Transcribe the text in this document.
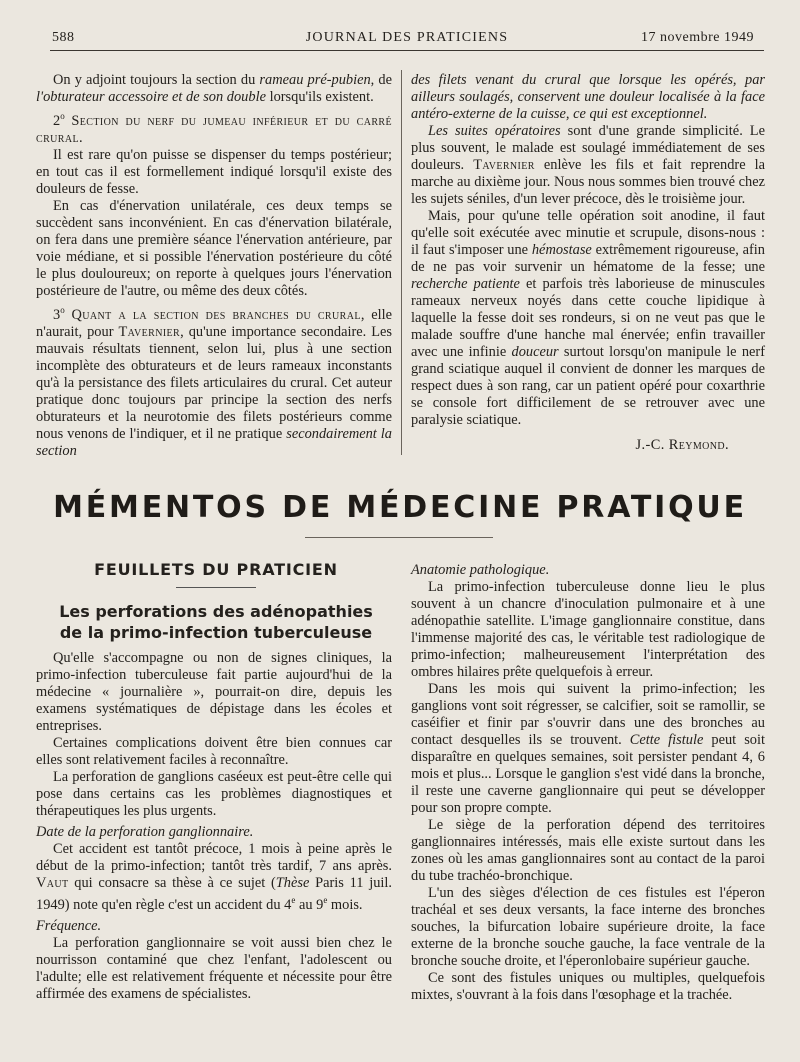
588	JOURNAL DES PRATICIENS	17 novembre 1949

On y adjoint toujours la section du rameau pré-pubien, de l'obturateur accessoire et de son double lorsqu'ils existent.

2$^o$ Section du nerf du jumeau inférieur et du carré crural.

Il est rare qu'on puisse se dispenser du temps postérieur; en tout cas il est formellement indiqué lorsqu'il existe des douleurs de fesse.

En cas d'énervation unilatérale, ces deux temps se succèdent sans inconvénient. En cas d'énervation bilatérale, on fera dans une première séance l'énervation antérieure, par voie médiane, et si possible l'énervation postérieure du côté le plus douloureux; on reporte à quelques jours l'énervation postérieure de l'autre, ou même des deux côtés.

3$^o$ Quant a la section des branches du crural, elle n'aurait, pour Tavernier, qu'une importance secondaire. Les mauvais résultats tiennent, selon lui, plus à une section incomplète des obturateurs et de leurs rameaux inconstants qu'à la persistance des filets articulaires du crural. Cet auteur pratique donc toujours par principe la section des nerfs obturateurs et la neurotomie des filets postérieurs comme nous venons de l'indiquer, et il ne pratique secondairement la section

des filets venant du crural que lorsque les opérés, par ailleurs soulagés, conservent une douleur localisée à la face antéro-externe de la cuisse, ce qui est exceptionnel.

Les suites opératoires sont d'une grande simplicité. Le plus souvent, le malade est soulagé immédiatement de ses douleurs. Tavernier enlève les fils et fait reprendre la marche au dixième jour. Nous nous sommes bien trouvé chez les sujets séniles, d'un lever précoce, dès le troisième jour.

Mais, pour qu'une telle opération soit anodine, il faut qu'elle soit exécutée avec minutie et scrupule, disons-nous : il faut s'imposer une hémostase extrêmement rigoureuse, afin de ne pas voir survenir un hématome de la fesse; une recherche patiente et parfois très laborieuse de minuscules rameaux nerveux noyés dans cette couche lipidique à laquelle la fesse doit ses rondeurs, si on ne veut pas que le malade souffre d'une hanche mal énervée; enfin travailler avec une infinie douceur surtout lorsqu'on manipule le nerf grand sciatique auquel il convient de donner les marques de respect dues à son rang, car un patient opéré pour coxarthrie se console fort difficilement de se retrouver avec une paralysie sciatique.

J.-C. Reymond.

MÉMENTOS DE MÉDECINE PRATIQUE
FEUILLETS DU PRATICIEN
Les perforations des adénopathies
de la primo-infection tuberculeuse

Qu'elle s'accompagne ou non de signes cliniques, la primo-infection tuberculeuse fait partie aujourd'hui de la médecine « journalière », pourrait-on dire, depuis les examens systématiques de dépistage dans les écoles et entreprises.

Certaines complications doivent être bien connues car elles sont relativement faciles à reconnaître.

La perforation de ganglions caséeux est peut-être celle qui pose dans certains cas les problèmes diagnostiques et thérapeutiques les plus urgents.

Date de la perforation ganglionnaire.

Cet accident est tantôt précoce, 1 mois à peine après le début de la primo-infection; tantôt très tardif, 7 ans après. Vaut qui consacre sa thèse à ce sujet (Thèse Paris 11 juil. 1949) note qu'en règle c'est un accident du 4e au 9e mois.

Fréquence.

La perforation ganglionnaire se voit aussi bien chez le nourrisson contaminé que chez l'enfant, l'adolescent ou l'adulte; elle est relativement fréquente et nécessite pour être affirmée des examens de spécialistes.

Anatomie pathologique.

La primo-infection tuberculeuse donne lieu le plus souvent à un chancre d'inoculation pulmonaire et à une adénopathie satellite. L'image ganglionnaire constitue, dans l'immense majorité des cas, le véritable test radiologique de primo-infection; malheureusement l'interprétation des ombres hilaires prête quelquefois à erreur.

Dans les mois qui suivent la primo-infection; les ganglions vont soit régresser, se calcifier, soit se ramollir, se caséifier et finir par s'ouvrir dans une des bronches au contact desquelles ils se trouvent. Cette fistule peut soit disparaître en quelques semaines, soit persister pendant 4, 6 mois et plus... Lorsque le ganglion s'est vidé dans la bronche, il reste une caverne ganglionnaire qui peut se développer pour son propre compte.

Le siège de la perforation dépend des territoires ganglionnaires intéressés, mais elle existe surtout dans les zones où les amas ganglionnaires sont au contact de la paroi du tube trachéo-bronchique.

L'un des sièges d'élection de ces fistules est l'éperon trachéal et ses deux versants, la face interne des bronches souches, la bifurcation lobaire supérieure droite, la face externe de la bronche souche gauche, la face ventrale de la bronche souche droite, et l'éperonlobaire supérieur gauche.

Ce sont des fistules uniques ou multiples, quelquefois mixtes, s'ouvrant à la fois dans l'œsophage et la trachée.
